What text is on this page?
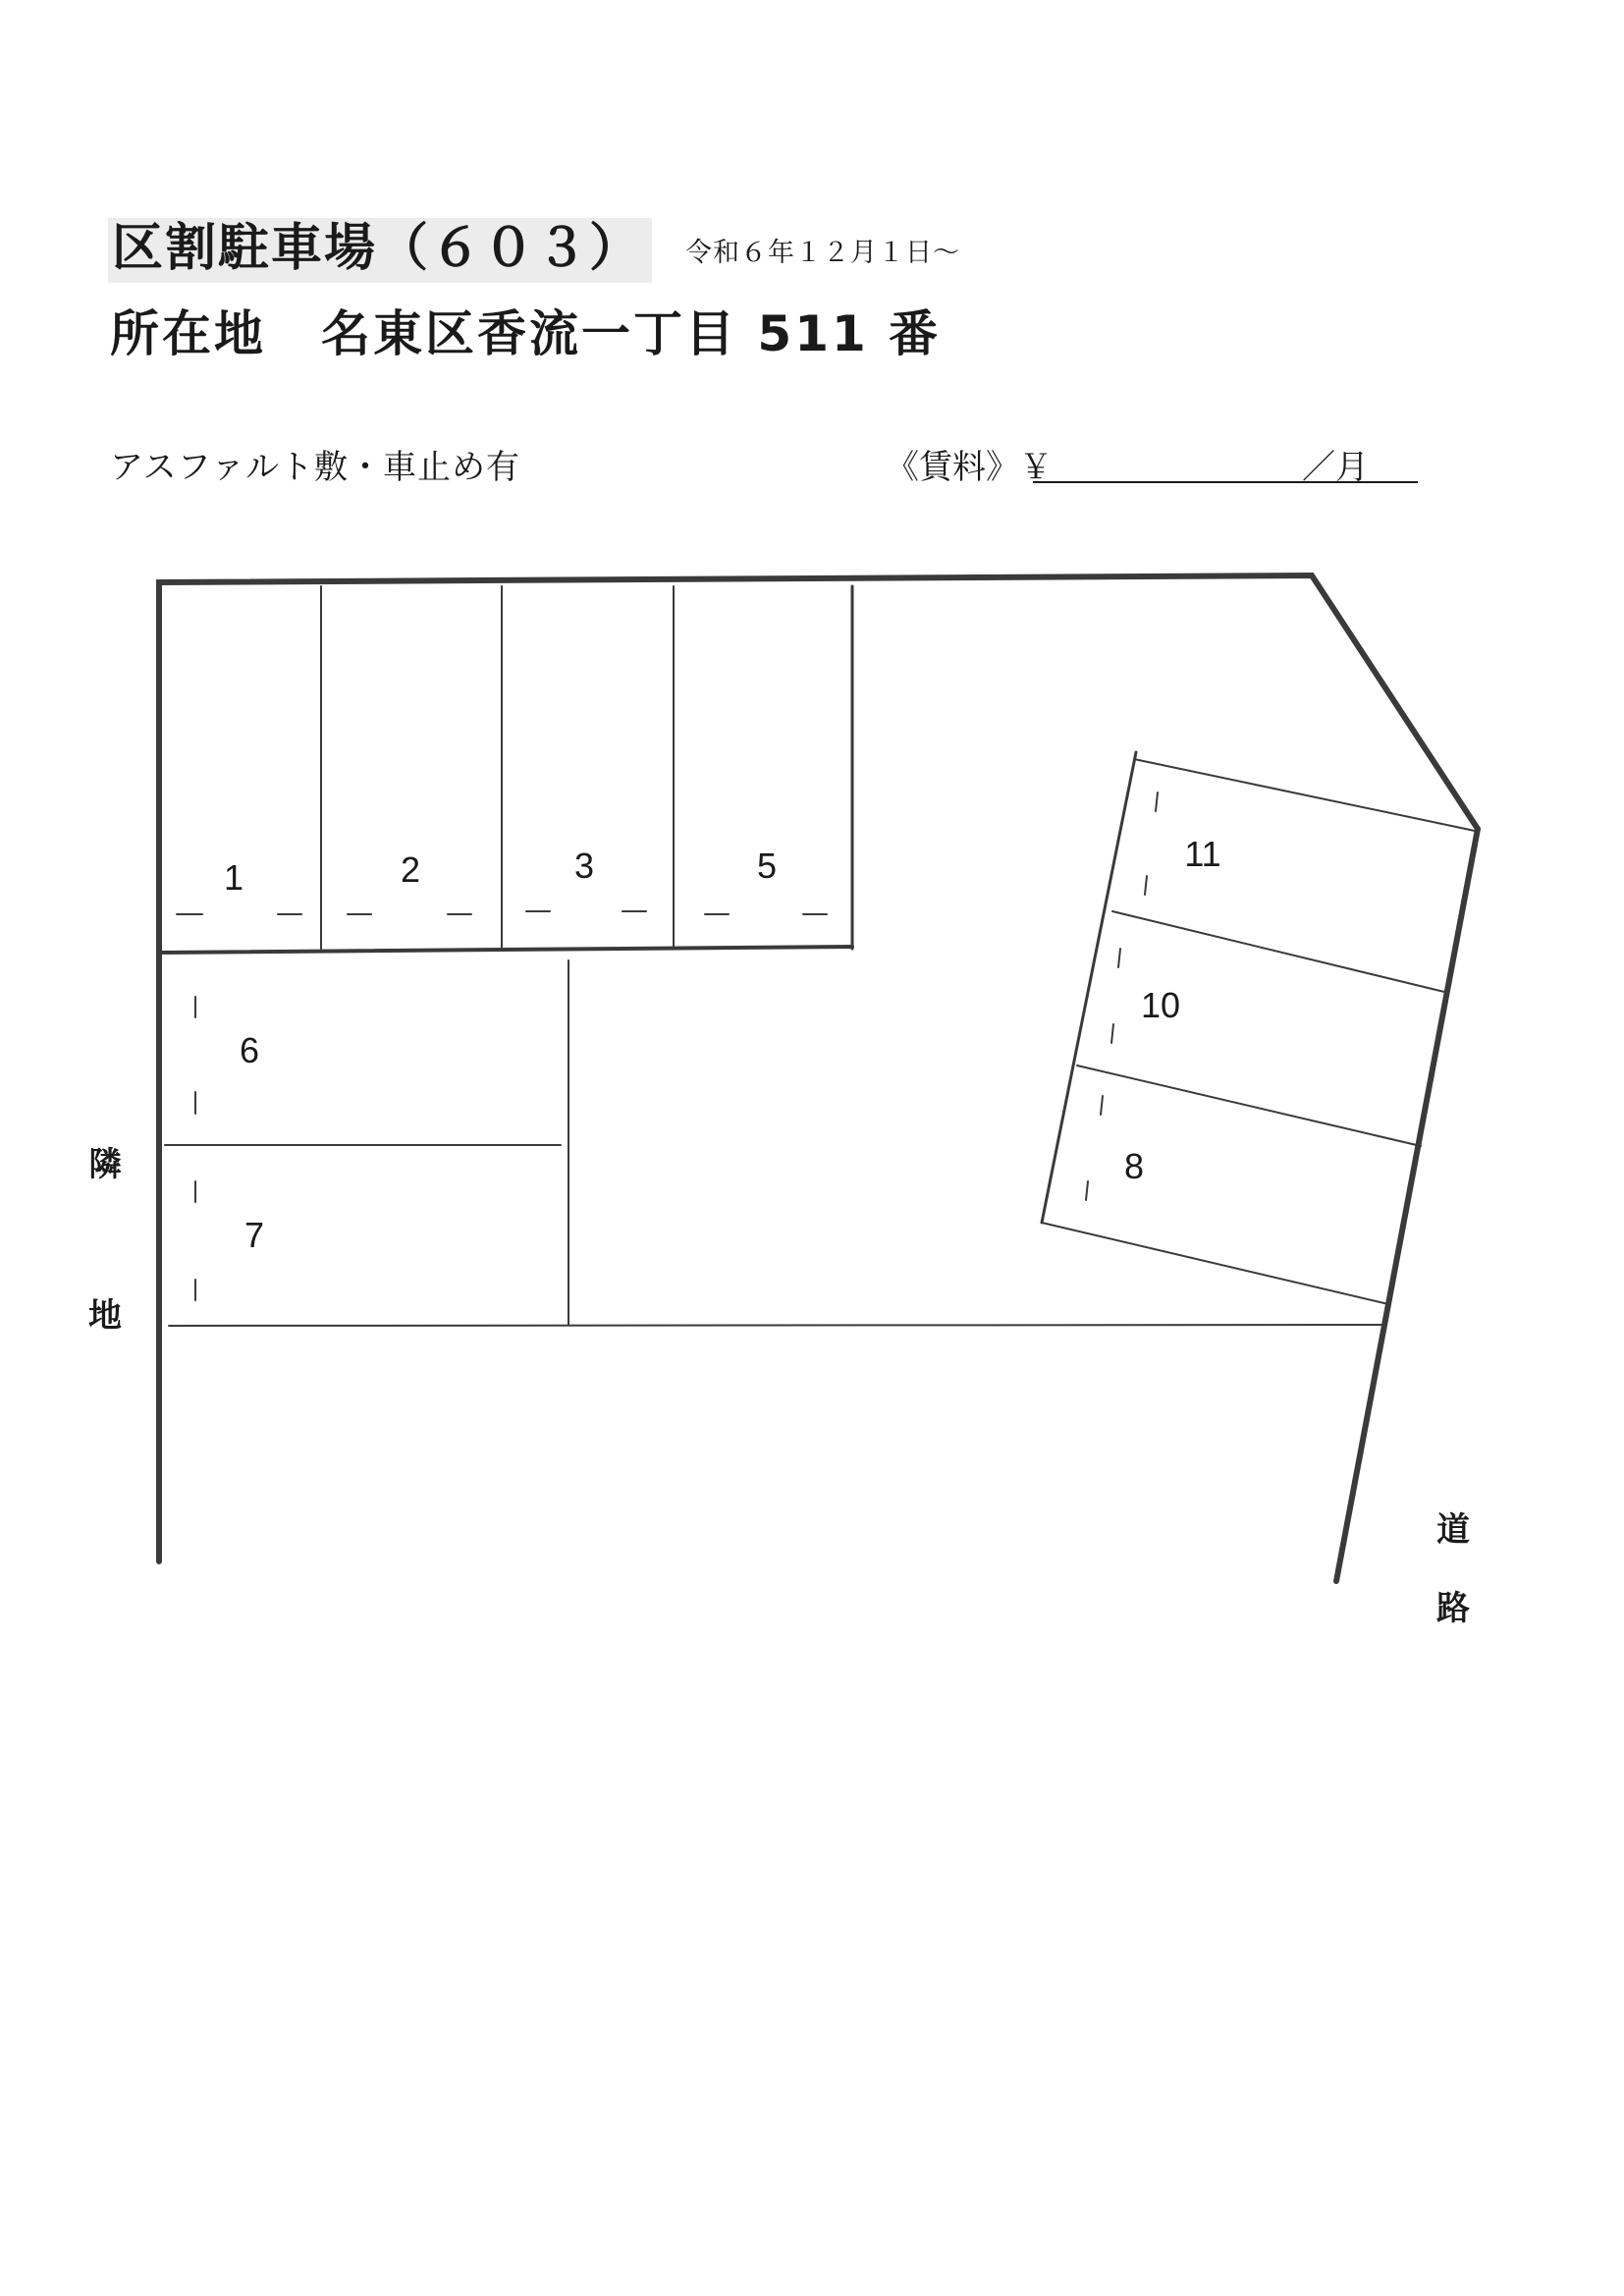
区割駐車場（６０３）	令和６年１２月１日～
所在地 名東区香流一丁目 511 番
アスファルト敷・車止め有	《賃料》￥	／月
1	2	3	5
6
7
11
10
8
隣
地
道
路
